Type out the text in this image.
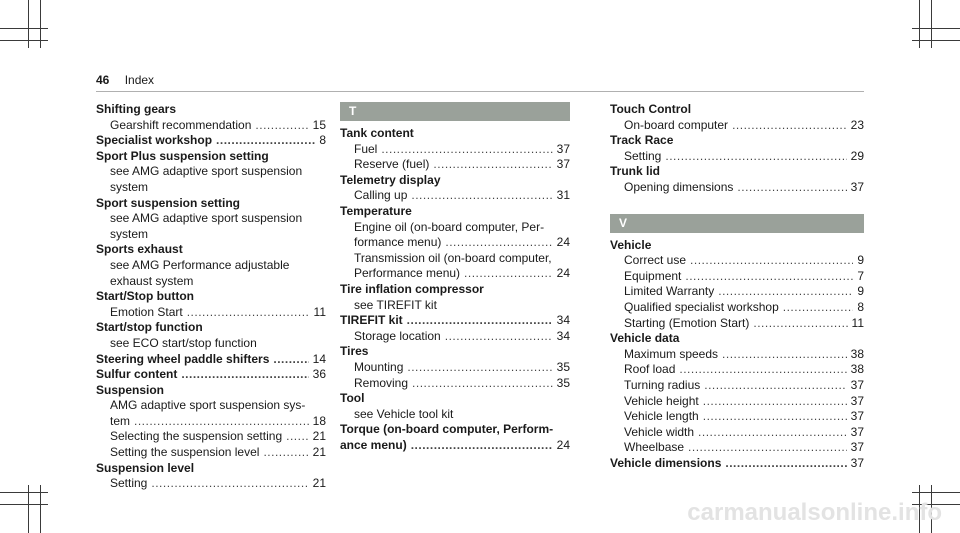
46 Index
Shifting gears
Gearshift recommendation .....	15
Specialist workshop .....	8
Sport Plus suspension setting
see AMG adaptive sport suspension system
Sport suspension setting
see AMG adaptive sport suspension system
Sports exhaust
see AMG Performance adjustable
exhaust system
Start/Stop button
Emotion Start .....	11
Start/stop function
see ECO start/stop function
Steering wheel paddle shifters .....	14
Sulfur content .....	36
Suspension
AMG adaptive sport suspension sys-
tem .....	18
Selecting the suspension setting .....	21
Setting the suspension level .....	21
Suspension level
Setting .....	21
T
Tank content
Fuel .....	37
Reserve (fuel) .....	37
Telemetry display
Calling up .....	31
Temperature
Engine oil (on-board computer, Per-
formance menu) .....	24
Transmission oil (on-board computer,
Performance menu) .....	24
Tire inflation compressor
see TIREFIT kit
TIREFIT kit .....	34
Storage location .....	34
Tires
Mounting .....	35
Removing .....	35
Tool
see Vehicle tool kit
Torque (on-board computer, Perform-
ance menu) .....	24
Touch Control
On-board computer .....	23
Track Race
Setting .....	29
Trunk lid
Opening dimensions .....	37
V
Vehicle
Correct use .....	9
Equipment .....	7
Limited Warranty .....	9
Qualified specialist workshop .....	8
Starting (Emotion Start) .....	11
Vehicle data
Maximum speeds .....	38
Roof load .....	38
Turning radius .....	37
Vehicle height .....	37
Vehicle length .....	37
Vehicle width .....	37
Wheelbase .....	37
Vehicle dimensions .....	37
carmanualsonline.info
